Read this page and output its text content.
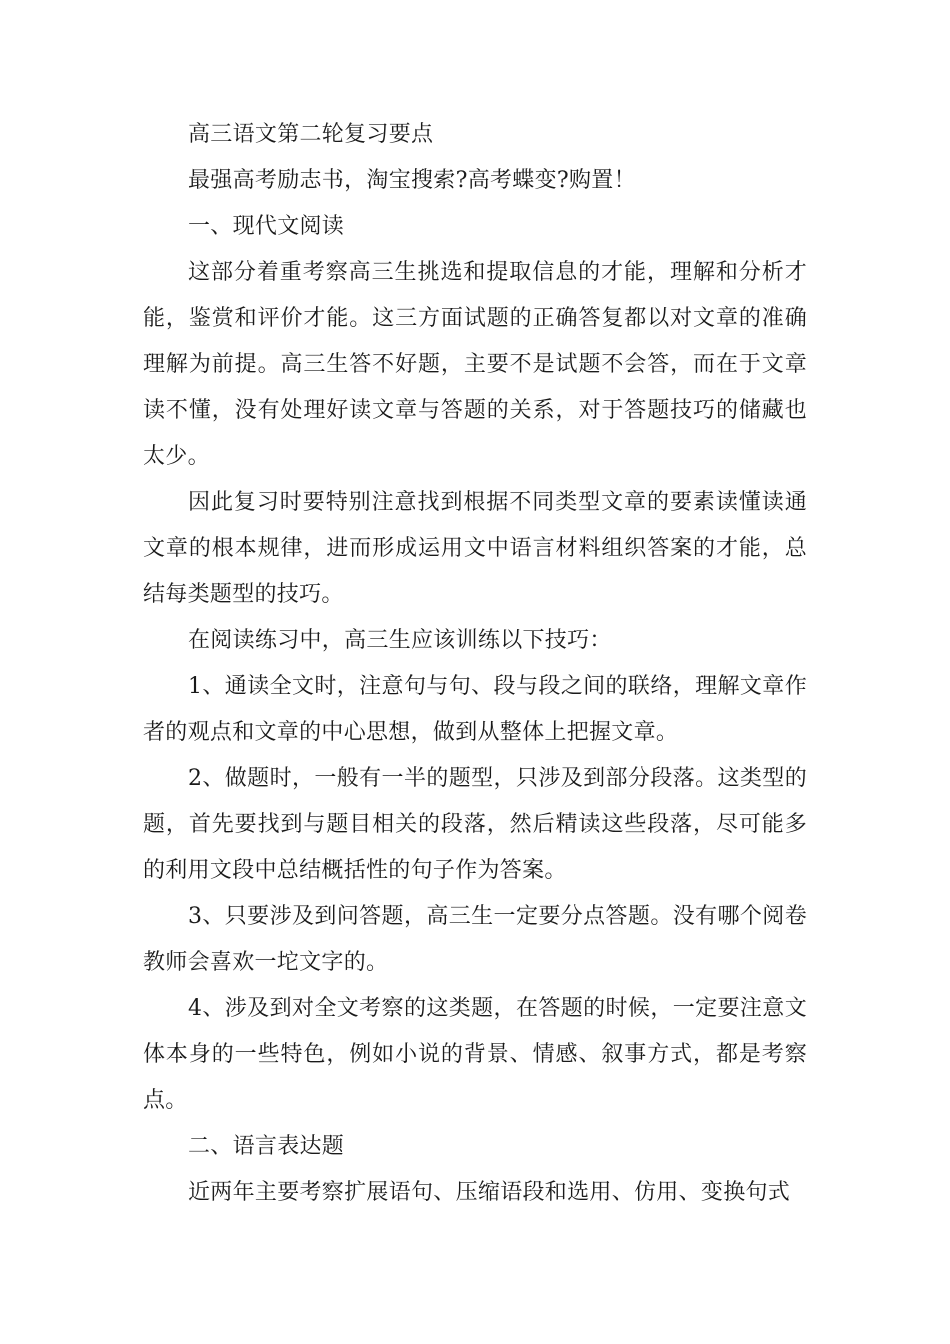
高三语文第二轮复习要点

最强高考励志书，淘宝搜索?高考蝶变?购置！

一、现代文阅读

这部分着重考察高三生挑选和提取信息的才能，理解和分析才能，鉴赏和评价才能。这三方面试题的正确答复都以对文章的准确理解为前提。高三生答不好题，主要不是试题不会答，而在于文章读不懂，没有处理好读文章与答题的关系，对于答题技巧的储藏也太少。

因此复习时要特别注意找到根据不同类型文章的要素读懂读通文章的根本规律，进而形成运用文中语言材料组织答案的才能，总结每类题型的技巧。

在阅读练习中，高三生应该训练以下技巧：

1、通读全文时，注意句与句、段与段之间的联络，理解文章作者的观点和文章的中心思想，做到从整体上把握文章。

2、做题时，一般有一半的题型，只涉及到部分段落。这类型的题，首先要找到与题目相关的段落，然后精读这些段落，尽可能多的利用文段中总结概括性的句子作为答案。

3、只要涉及到问答题，高三生一定要分点答题。没有哪个阅卷教师会喜欢一坨文字的。

4、涉及到对全文考察的这类题，在答题的时候，一定要注意文体本身的一些特色，例如小说的背景、情感、叙事方式，都是考察点。

二、语言表达题

近两年主要考察扩展语句、压缩语段和选用、仿用、变换句式
